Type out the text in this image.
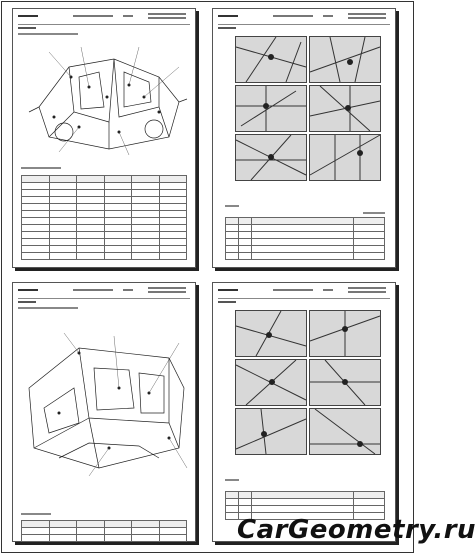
CarGeometry.ru
